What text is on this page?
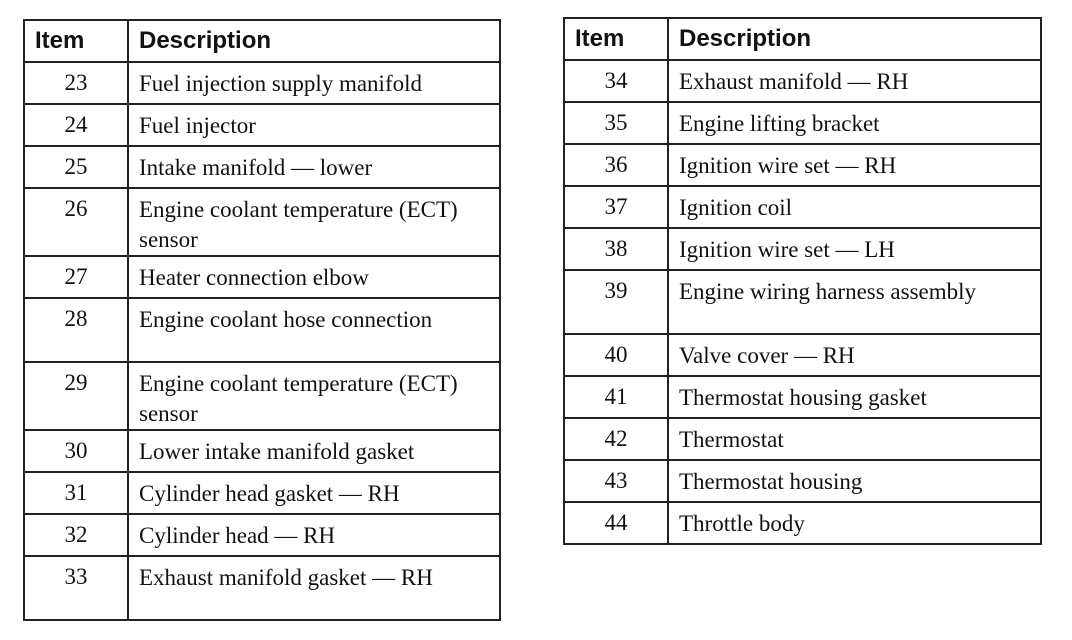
Item	Description
23	Fuel injection supply manifold
24	Fuel injector
25	Intake manifold — lower
26	Engine coolant temperature (ECT) sensor
27	Heater connection elbow
28	Engine coolant hose connection
29	Engine coolant temperature (ECT) sensor
30	Lower intake manifold gasket
31	Cylinder head gasket — RH
32	Cylinder head — RH
33	Exhaust manifold gasket — RH
Item	Description
34	Exhaust manifold — RH
35	Engine lifting bracket
36	Ignition wire set — RH
37	Ignition coil
38	Ignition wire set — LH
39	Engine wiring harness assembly
40	Valve cover — RH
41	Thermostat housing gasket
42	Thermostat
43	Thermostat housing
44	Throttle body
